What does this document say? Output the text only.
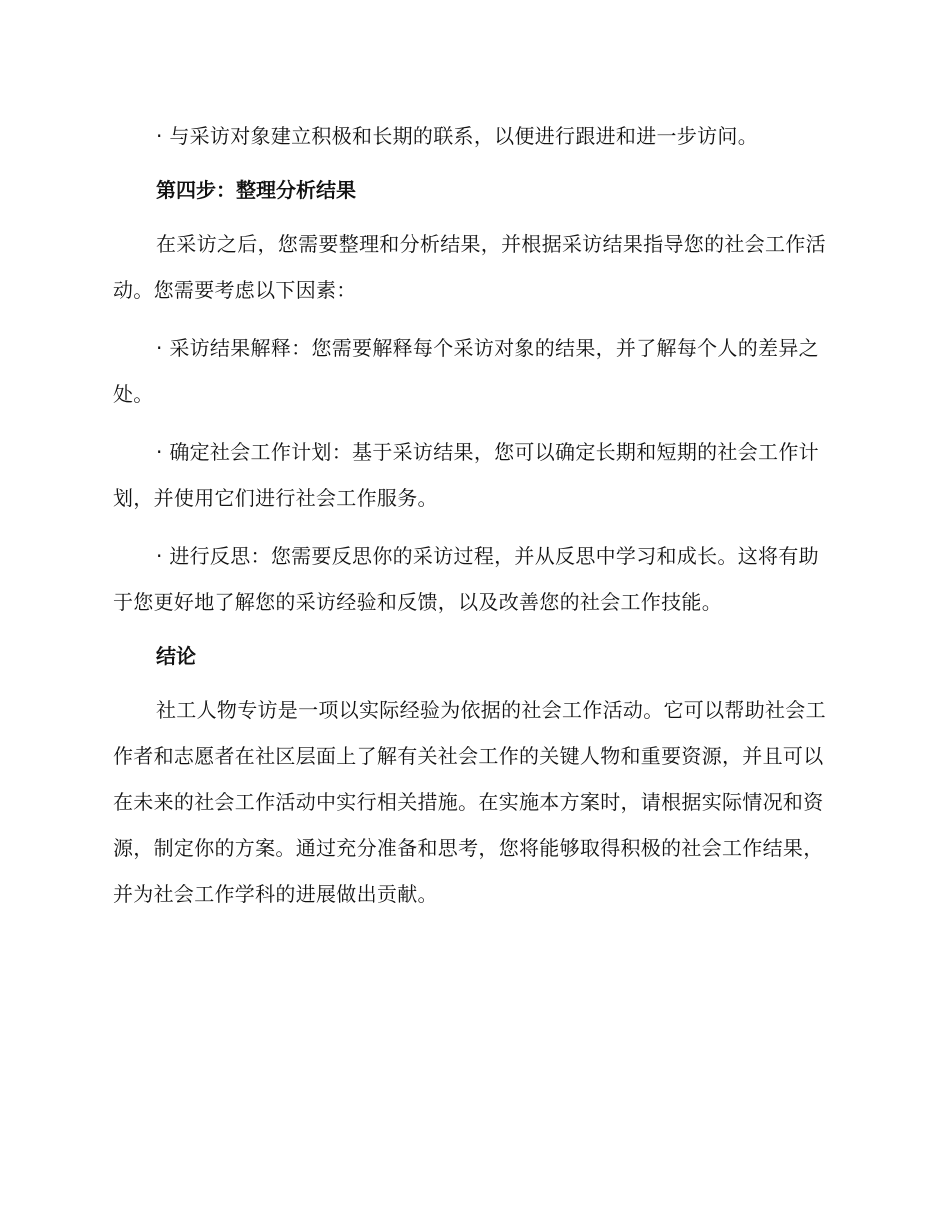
· 与采访对象建立积极和长期的联系，以便进行跟进和进一步访问。

第四步：整理分析结果

在采访之后，您需要整理和分析结果，并根据采访结果指导您的社会工作活动。您需要考虑以下因素：

· 采访结果解释：您需要解释每个采访对象的结果，并了解每个人的差异之处。

· 确定社会工作计划：基于采访结果，您可以确定长期和短期的社会工作计划，并使用它们进行社会工作服务。

· 进行反思：您需要反思你的采访过程，并从反思中学习和成长。这将有助于您更好地了解您的采访经验和反馈，以及改善您的社会工作技能。

结论

社工人物专访是一项以实际经验为依据的社会工作活动。它可以帮助社会工作者和志愿者在社区层面上了解有关社会工作的关键人物和重要资源，并且可以在未来的社会工作活动中实行相关措施。在实施本方案时，请根据实际情况和资源，制定你的方案。通过充分准备和思考，您将能够取得积极的社会工作结果，并为社会工作学科的进展做出贡献。
